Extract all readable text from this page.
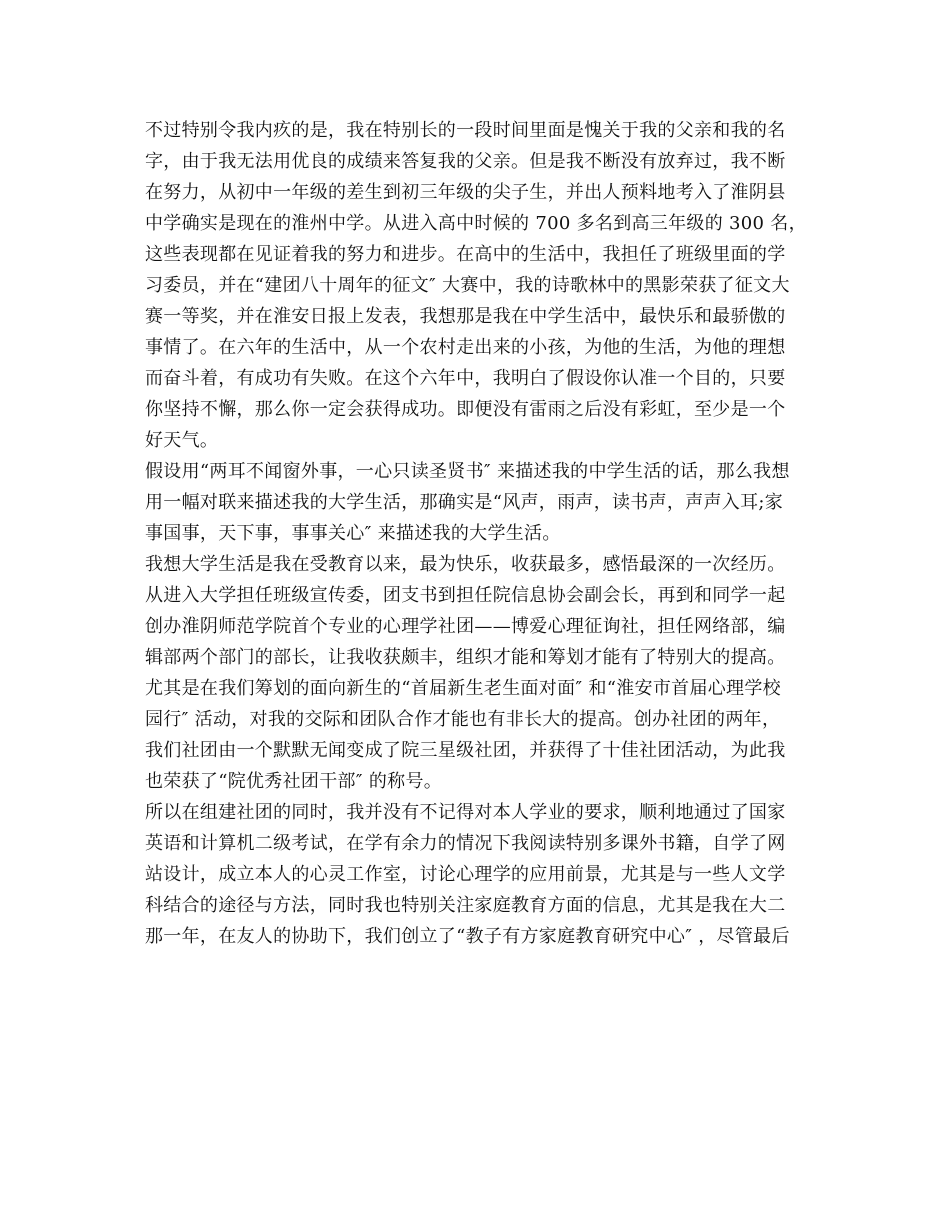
不过特别令我内疚的是，我在特别长的一段时间里面是愧关于我的父亲和我的名
字，由于我无法用优良的成绩来答复我的父亲。但是我不断没有放弃过，我不断
在努力，从初中一年级的差生到初三年级的尖子生，并出人预料地考入了淮阴县
中学确实是现在的淮州中学。从进入高中时候的 700 多名到高三年级的 300 名，
这些表现都在见证着我的努力和进步。在高中的生活中，我担任了班级里面的学
习委员，并在“建团八十周年的征文″ 大赛中，我的诗歌林中的黑影荣获了征文大
赛一等奖，并在淮安日报上发表，我想那是我在中学生活中，最快乐和最骄傲的
事情了。在六年的生活中，从一个农村走出来的小孩，为他的生活，为他的理想
而奋斗着，有成功有失败。在这个六年中，我明白了假设你认准一个目的，只要
你坚持不懈，那么你一定会获得成功。即便没有雷雨之后没有彩虹，至少是一个
好天气。
假设用“两耳不闻窗外事，一心只读圣贤书″ 来描述我的中学生活的话，那么我想
用一幅对联来描述我的大学生活，那确实是“风声，雨声，读书声，声声入耳;家
事国事，天下事，事事关心″ 来描述我的大学生活。
我想大学生活是我在受教育以来，最为快乐，收获最多，感悟最深的一次经历。
从进入大学担任班级宣传委，团支书到担任院信息协会副会长，再到和同学一起
创办淮阴师范学院首个专业的心理学社团——博爱心理征询社，担任网络部，编
辑部两个部门的部长，让我收获颇丰，组织才能和筹划才能有了特别大的提高。
尤其是在我们筹划的面向新生的“首届新生老生面对面″ 和“淮安市首届心理学校
园行″ 活动，对我的交际和团队合作才能也有非长大的提高。创办社团的两年，
我们社团由一个默默无闻变成了院三星级社团，并获得了十佳社团活动，为此我
也荣获了“院优秀社团干部″ 的称号。
所以在组建社团的同时，我并没有不记得对本人学业的要求，顺利地通过了国家
英语和计算机二级考试，在学有余力的情况下我阅读特别多课外书籍，自学了网
站设计，成立本人的心灵工作室，讨论心理学的应用前景，尤其是与一些人文学
科结合的途径与方法，同时我也特别关注家庭教育方面的信息，尤其是我在大二
那一年，在友人的协助下，我们创立了“教子有方家庭教育研究中心″ ，尽管最后
